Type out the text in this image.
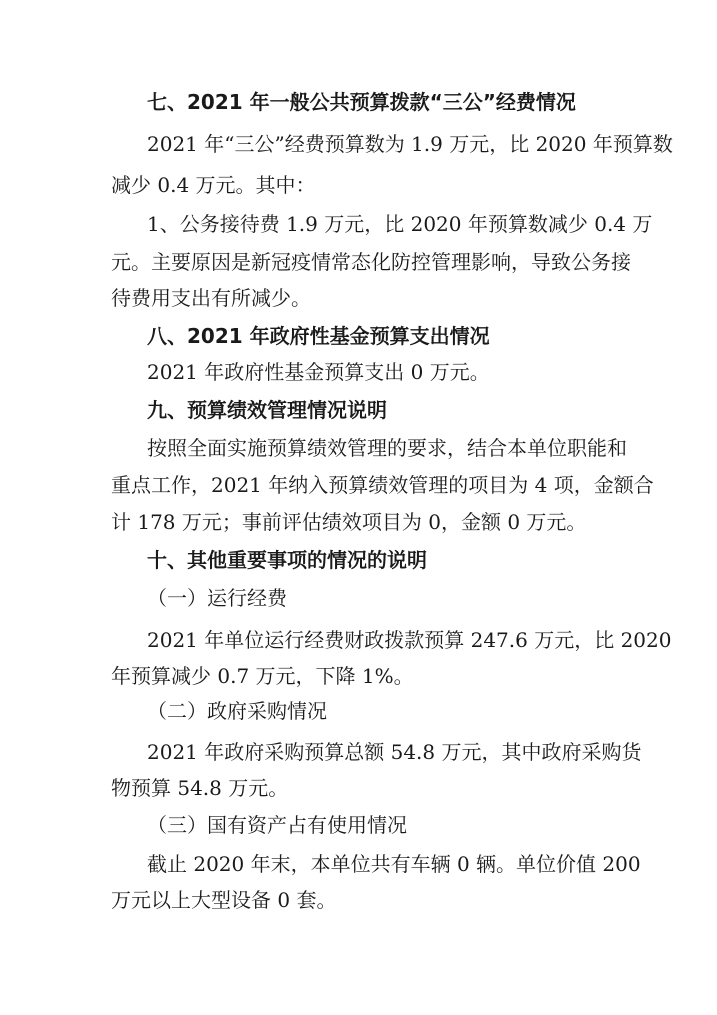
七、2021 年一般公共预算拨款“三公”经费情况
2021 年“三公”经费预算数为 1.9 万元，比 2020 年预算数
减少 0.4 万元。其中：
1、公务接待费 1.9 万元，比 2020 年预算数减少 0.4 万
元。主要原因是新冠疫情常态化防控管理影响，导致公务接
待费用支出有所减少。
八、2021 年政府性基金预算支出情况
2021 年政府性基金预算支出 0 万元。
九、预算绩效管理情况说明
按照全面实施预算绩效管理的要求，结合本单位职能和
重点工作，2021 年纳入预算绩效管理的项目为 4 项，金额合
计 178 万元；事前评估绩效项目为 0，金额 0 万元。
十、其他重要事项的情况的说明
（一）运行经费
2021 年单位运行经费财政拨款预算 247.6 万元，比 2020
年预算减少 0.7 万元，下降 1%。
（二）政府采购情况
2021 年政府采购预算总额 54.8 万元，其中政府采购货
物预算 54.8 万元。
（三）国有资产占有使用情况
截止 2020 年末，本单位共有车辆 0 辆。单位价值 200
万元以上大型设备 0 套。
